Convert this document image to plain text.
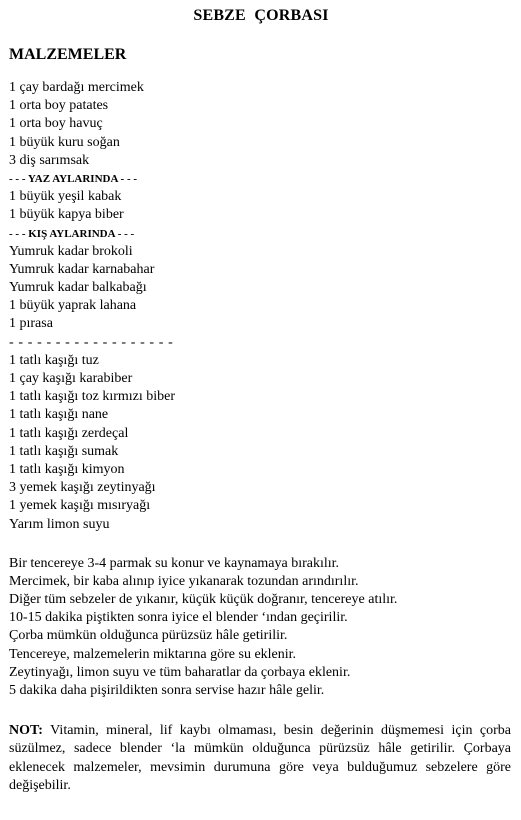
SEBZE  ÇORBASI
MALZEMELER
1 çay bardağı mercimek
1 orta boy patates
1 orta boy havuç
1 büyük kuru soğan
3 diş sarımsak
- - - YAZ AYLARINDA - - -
1 büyük yeşil kabak
1 büyük kapya biber
- - - KIŞ AYLARINDA - - -
Yumruk kadar brokoli
Yumruk kadar karnabahar
Yumruk kadar balkabağı
1 büyük yaprak lahana
1 pırasa
- - - - - - - - - - - - - - - - - -
1 tatlı kaşığı tuz
1 çay kaşığı karabiber
1 tatlı kaşığı toz kırmızı biber
1 tatlı kaşığı nane
1 tatlı kaşığı zerdeçal
1 tatlı kaşığı sumak
1 tatlı kaşığı kimyon
3 yemek kaşığı zeytinyağı
1 yemek kaşığı mısıryağı
Yarım limon suyu

Bir tencereye 3-4 parmak su konur ve kaynamaya bırakılır.

Mercimek, bir kaba alınıp iyice yıkanarak tozundan arındırılır.

Diğer tüm sebzeler de yıkanır, küçük küçük doğranır, tencereye atılır.

10-15 dakika piştikten sonra iyice el blender ‘ından geçirilir.

Çorba mümkün olduğunca pürüzsüz hâle getirilir.

Tencereye, malzemelerin miktarına göre su eklenir.

Zeytinyağı, limon suyu ve tüm baharatlar da çorbaya eklenir.

5 dakika daha pişirildikten sonra servise hazır hâle gelir.

NOT: Vitamin, mineral, lif kaybı olmaması, besin değerinin düşmemesi için çorba süzülmez, sadece blender ‘la mümkün olduğunca pürüzsüz hâle getirilir. Çorbaya eklenecek malzemeler, mevsimin durumuna göre veya bulduğumuz sebzelere göre değişebilir.
